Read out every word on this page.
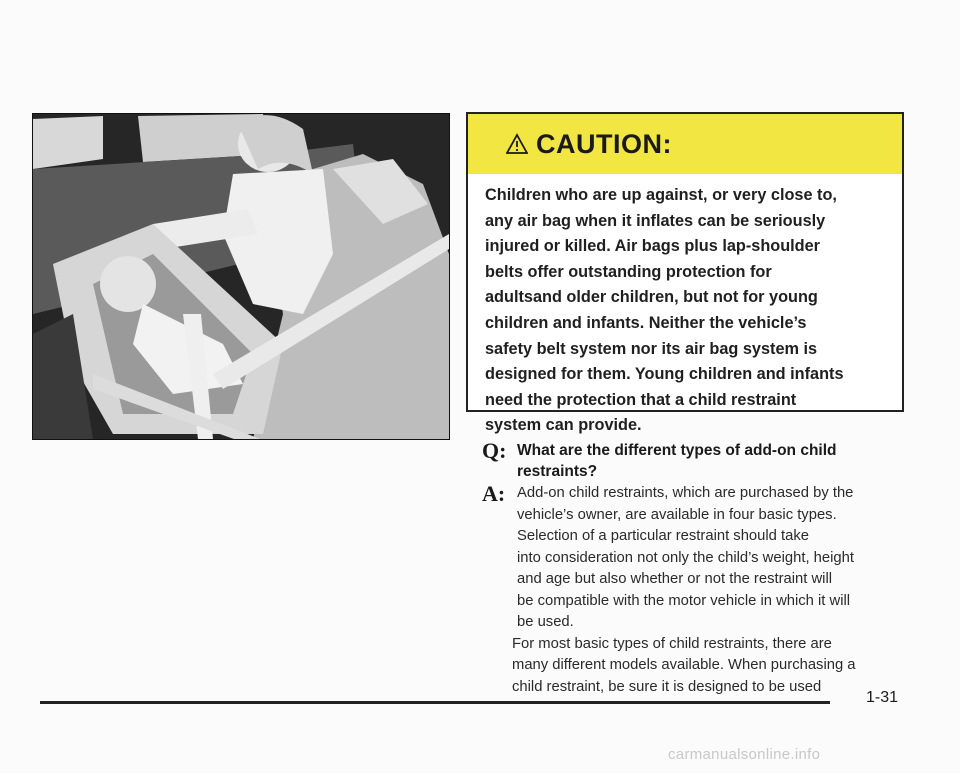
CAUTION:
Children who are up against, or very close to,
any air bag when it inflates can be seriously
injured or killed. Air bags plus lap-shoulder
belts offer outstanding protection for
adultsand older children, but not for young
children and infants. Neither the vehicle’s
safety belt system nor its air bag system is
designed for them. Young children and infants
need the protection that a child restraint
system can provide.
Q: What are the different types of add-on child
restraints?
A: Add-on child restraints, which are purchased by the

vehicle’s owner, are available in four basic types.

Selection of a particular restraint should take

into consideration not only the child’s weight, height

and age but also whether or not the restraint will

be compatible with the motor vehicle in which it will

be used.

For most basic types of child restraints, there are

many different models available. When purchasing a

child restraint, be sure it is designed to be used

1-31
carmanualsonline.info
